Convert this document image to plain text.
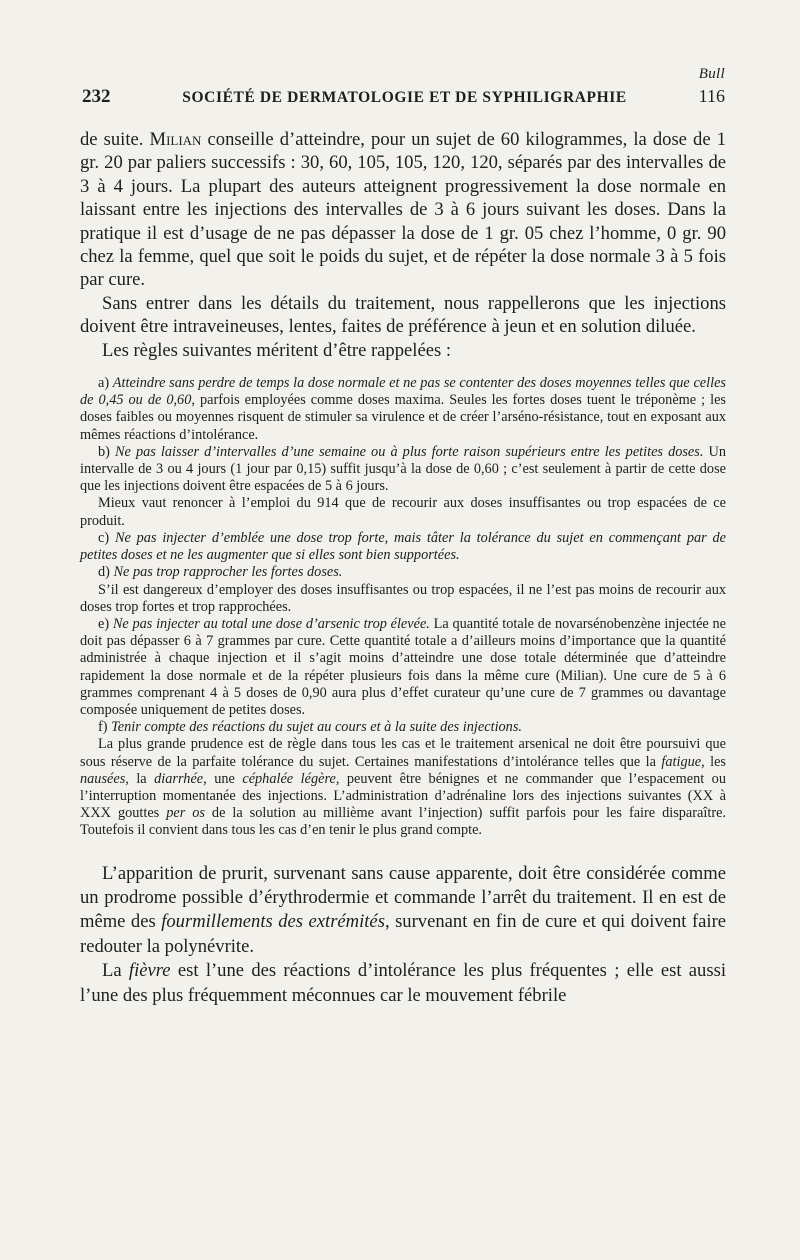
Bull
232	SOCIÉTÉ DE DERMATOLOGIE ET DE SYPHILIGRAPHIE	116

de suite. Milian conseille d’atteindre, pour un sujet de 60 kilogrammes, la dose de 1 gr. 20 par paliers successifs : 30, 60, 105, 105, 120, 120, séparés par des intervalles de 3 à 4 jours. La plupart des auteurs atteignent progressivement la dose normale en laissant entre les injections des intervalles de 3 à 6 jours suivant les doses. Dans la pratique il est d’usage de ne pas dépasser la dose de 1 gr. 05 chez l’homme, 0 gr. 90 chez la femme, quel que soit le poids du sujet, et de répéter la dose normale 3 à 5 fois par cure.

Sans entrer dans les détails du traitement, nous rappellerons que les injections doivent être intraveineuses, lentes, faites de préférence à jeun et en solution diluée.

Les règles suivantes méritent d’être rappelées :

a) Atteindre sans perdre de temps la dose normale et ne pas se contenter des doses moyennes telles que celles de 0,45 ou de 0,60, parfois employées comme doses maxima. Seules les fortes doses tuent le tréponème ; les doses faibles ou moyennes risquent de stimuler sa virulence et de créer l’arséno-résistance, tout en exposant aux mêmes réactions d’intolérance.

b) Ne pas laisser d’intervalles d’une semaine ou à plus forte raison supérieurs entre les petites doses. Un intervalle de 3 ou 4 jours (1 jour par 0,15) suffit jusqu’à la dose de 0,60 ; c’est seulement à partir de cette dose que les injections doivent être espacées de 5 à 6 jours.

Mieux vaut renoncer à l’emploi du 914 que de recourir aux doses insuffisantes ou trop espacées de ce produit.

c) Ne pas injecter d’emblée une dose trop forte, mais tâter la tolérance du sujet en commençant par de petites doses et ne les augmenter que si elles sont bien supportées.

d) Ne pas trop rapprocher les fortes doses.

S’il est dangereux d’employer des doses insuffisantes ou trop espacées, il ne l’est pas moins de recourir aux doses trop fortes et trop rapprochées.

e) Ne pas injecter au total une dose d’arsenic trop élevée. La quantité totale de novarsénobenzène injectée ne doit pas dépasser 6 à 7 grammes par cure. Cette quantité totale a d’ailleurs moins d’importance que la quantité administrée à chaque injection et il s’agit moins d’atteindre une dose totale déterminée que d’atteindre rapidement la dose normale et de la répéter plusieurs fois dans la même cure (Milian). Une cure de 5 à 6 grammes comprenant 4 à 5 doses de 0,90 aura plus d’effet curateur qu’une cure de 7 grammes ou davantage composée uniquement de petites doses.

f) Tenir compte des réactions du sujet au cours et à la suite des injections.

La plus grande prudence est de règle dans tous les cas et le traitement arsenical ne doit être poursuivi que sous réserve de la parfaite tolérance du sujet. Certaines manifestations d’intolérance telles que la fatigue, les nausées, la diarrhée, une céphalée légère, peuvent être bénignes et ne commander que l’espacement ou l’interruption momentanée des injections. L’administration d’adrénaline lors des injections suivantes (XX à XXX gouttes per os de la solution au millième avant l’injection) suffit parfois pour les faire disparaître. Toutefois il convient dans tous les cas d’en tenir le plus grand compte.

L’apparition de prurit, survenant sans cause apparente, doit être considérée comme un prodrome possible d’érythrodermie et commande l’arrêt du traitement. Il en est de même des fourmillements des extrémités, survenant en fin de cure et qui doivent faire redouter la polynévrite.

La fièvre est l’une des réactions d’intolérance les plus fréquentes ; elle est aussi l’une des plus fréquemment méconnues car le mouvement fébrile
